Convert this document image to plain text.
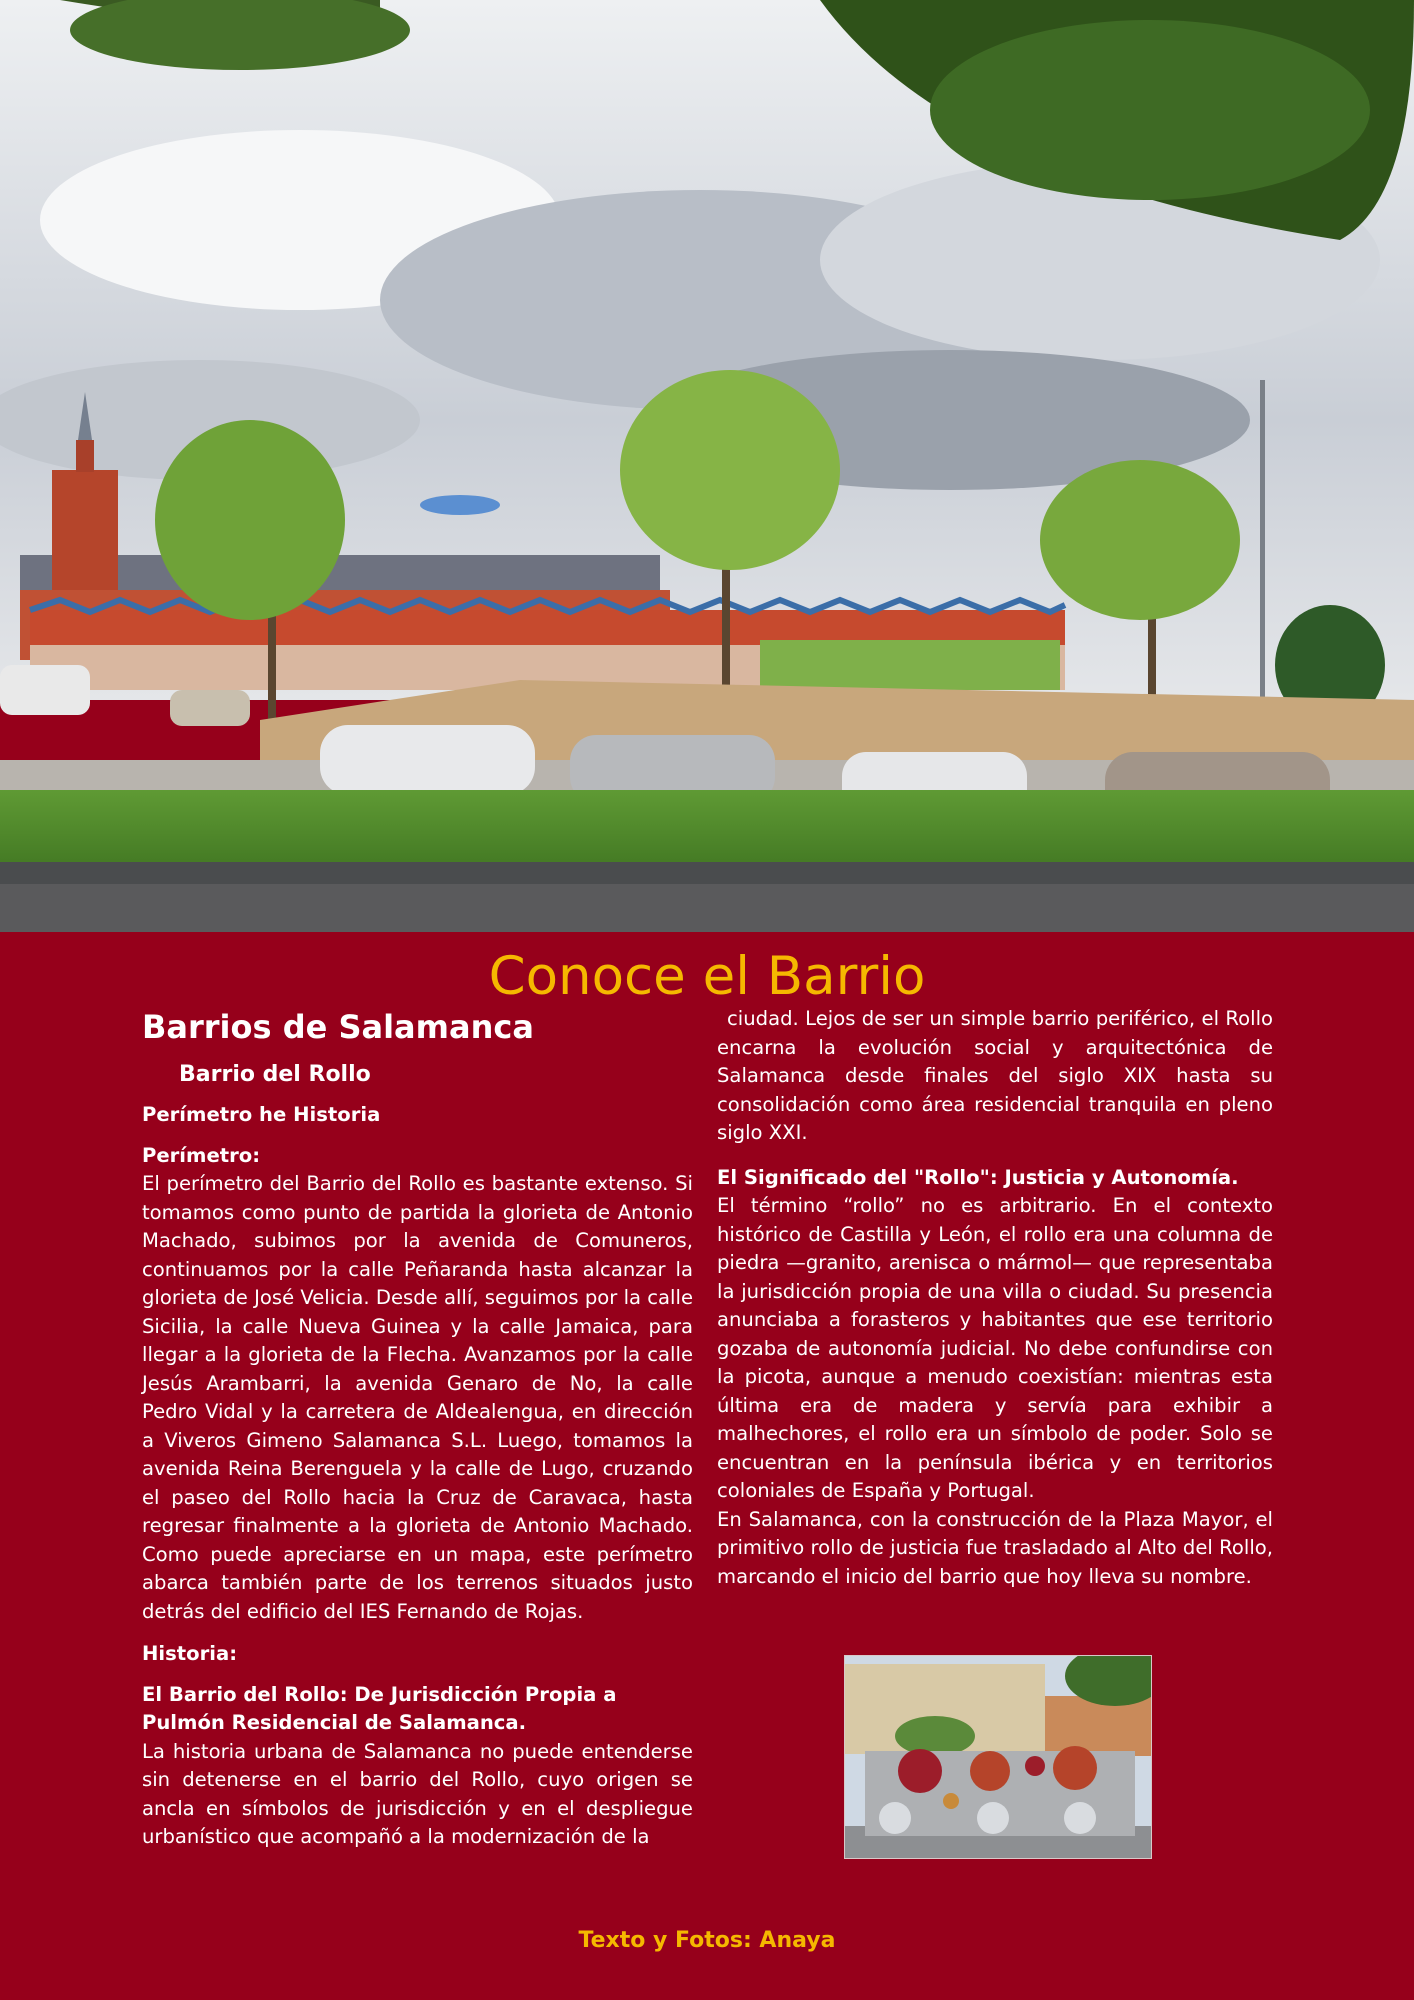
Conoce el Barrio
Barrios de Salamanca
Barrio del Rollo
Perímetro he Historia
Perímetro:

El perímetro del Barrio del Rollo es bastante extenso. Si tomamos como punto de partida la glorieta de Antonio Machado, subimos por la avenida de Comuneros, continuamos por la calle Peñaranda hasta alcanzar la glorieta de José Velicia. Desde allí, seguimos por la calle Sicilia, la calle Nueva Guinea y la calle Jamaica, para llegar a la glorieta de la Flecha. Avanzamos por la calle Jesús Arambarri, la avenida Genaro de No, la calle Pedro Vidal y la carretera de Aldealengua, en dirección a Viveros Gimeno Salamanca S.L. Luego, tomamos la avenida Reina Berenguela y la calle de Lugo, cruzando el paseo del Rollo hacia la Cruz de Caravaca, hasta regresar finalmente a la glorieta de Antonio Machado. Como puede apreciarse en un mapa, este perímetro abarca también parte de los terrenos situados justo detrás del edificio del IES Fernando de Rojas.

Historia:
El Barrio del Rollo: De Jurisdicción Propia a Pulmón Residencial de Salamanca.

La historia urbana de Salamanca no puede entenderse sin detenerse en el barrio del Rollo, cuyo origen se ancla en símbolos de jurisdicción y en el despliegue urbanístico que acompañó a la modernización de la

ciudad. Lejos de ser un simple barrio periférico, el Rollo encarna la evolución social y arquitectónica de Salamanca desde finales del siglo XIX hasta su consolidación como área residencial tranquila en pleno siglo XXI.

El Significado del "Rollo": Justicia y Autonomía.

El término “rollo” no es arbitrario. En el contexto histórico de Castilla y León, el rollo era una columna de piedra —granito, arenisca o mármol— que representaba la jurisdicción propia de una villa o ciudad. Su presencia anunciaba a forasteros y habitantes que ese territorio gozaba de autonomía judicial. No debe confundirse con la picota, aunque a menudo coexistían: mientras esta última era de madera y servía para exhibir a malhechores, el rollo era un símbolo de poder. Solo se encuentran en la península ibérica y en territorios coloniales de España y Portugal.

En Salamanca, con la construcción de la Plaza Mayor, el primitivo rollo de justicia fue trasladado al Alto del Rollo, marcando el inicio del barrio que hoy lleva su nombre.

Texto y Fotos: Anaya
